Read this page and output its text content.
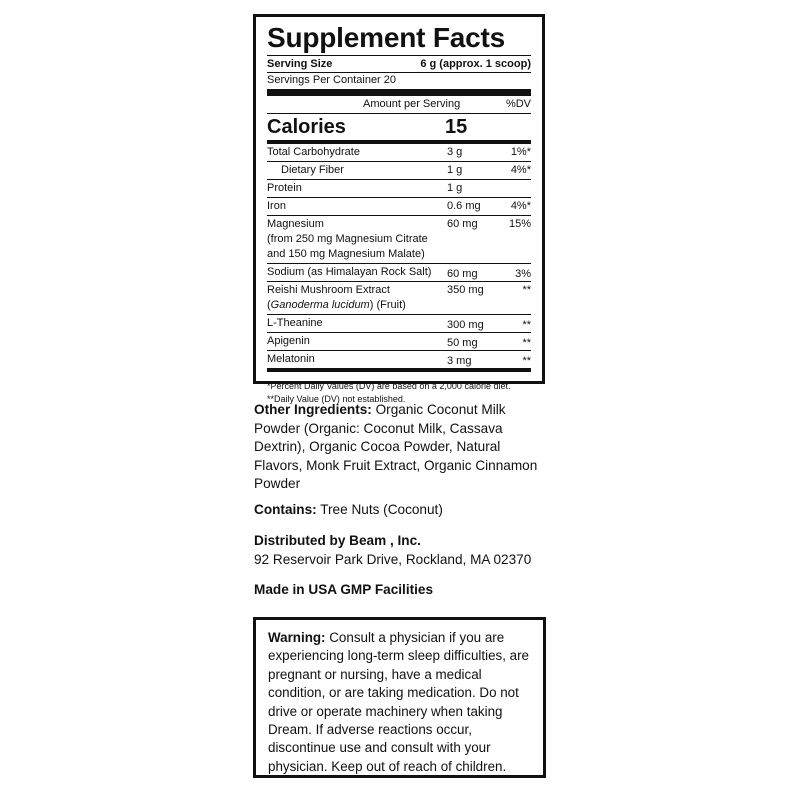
Supplement Facts
Serving Size	6 g (approx. 1 scoop)
Servings Per Container 20
Amount per Serving	%DV
Calories	15
Total Carbohydrate	3 g	1%*
Dietary Fiber	1 g	4%*
Protein	1 g
Iron	0.6 mg	4%*
Magnesium
(from 250 mg Magnesium Citrate
and 150 mg Magnesium Malate)
60 mg	15%
Sodium (as Himalayan Rock Salt)	60 mg	3%
Reishi Mushroom Extract
(Ganoderma lucidum) (Fruit)
350 mg	**
L-Theanine	300 mg	**
Apigenin	50 mg	**
Melatonin	3 mg	**
*Percent Daily Values (DV) are based on a 2,000 calorie diet.
**Daily Value (DV) not established.
Other Ingredients: Organic Coconut Milk Powder (Organic: Coconut Milk, Cassava Dextrin), Organic Cocoa Powder, Natural Flavors, Monk Fruit Extract, Organic Cinnamon Powder
Contains: Tree Nuts (Coconut)
Distributed by Beam , Inc.
92 Reservoir Park Drive, Rockland, MA 02370
Made in USA GMP Facilities
Warning: Consult a physician if you are experiencing long-term sleep difficulties, are pregnant or nursing, have a medical condition, or are taking medication. Do not drive or operate machinery when taking Dream. If adverse reactions occur, discontinue use and consult with your physician. Keep out of reach of children.
